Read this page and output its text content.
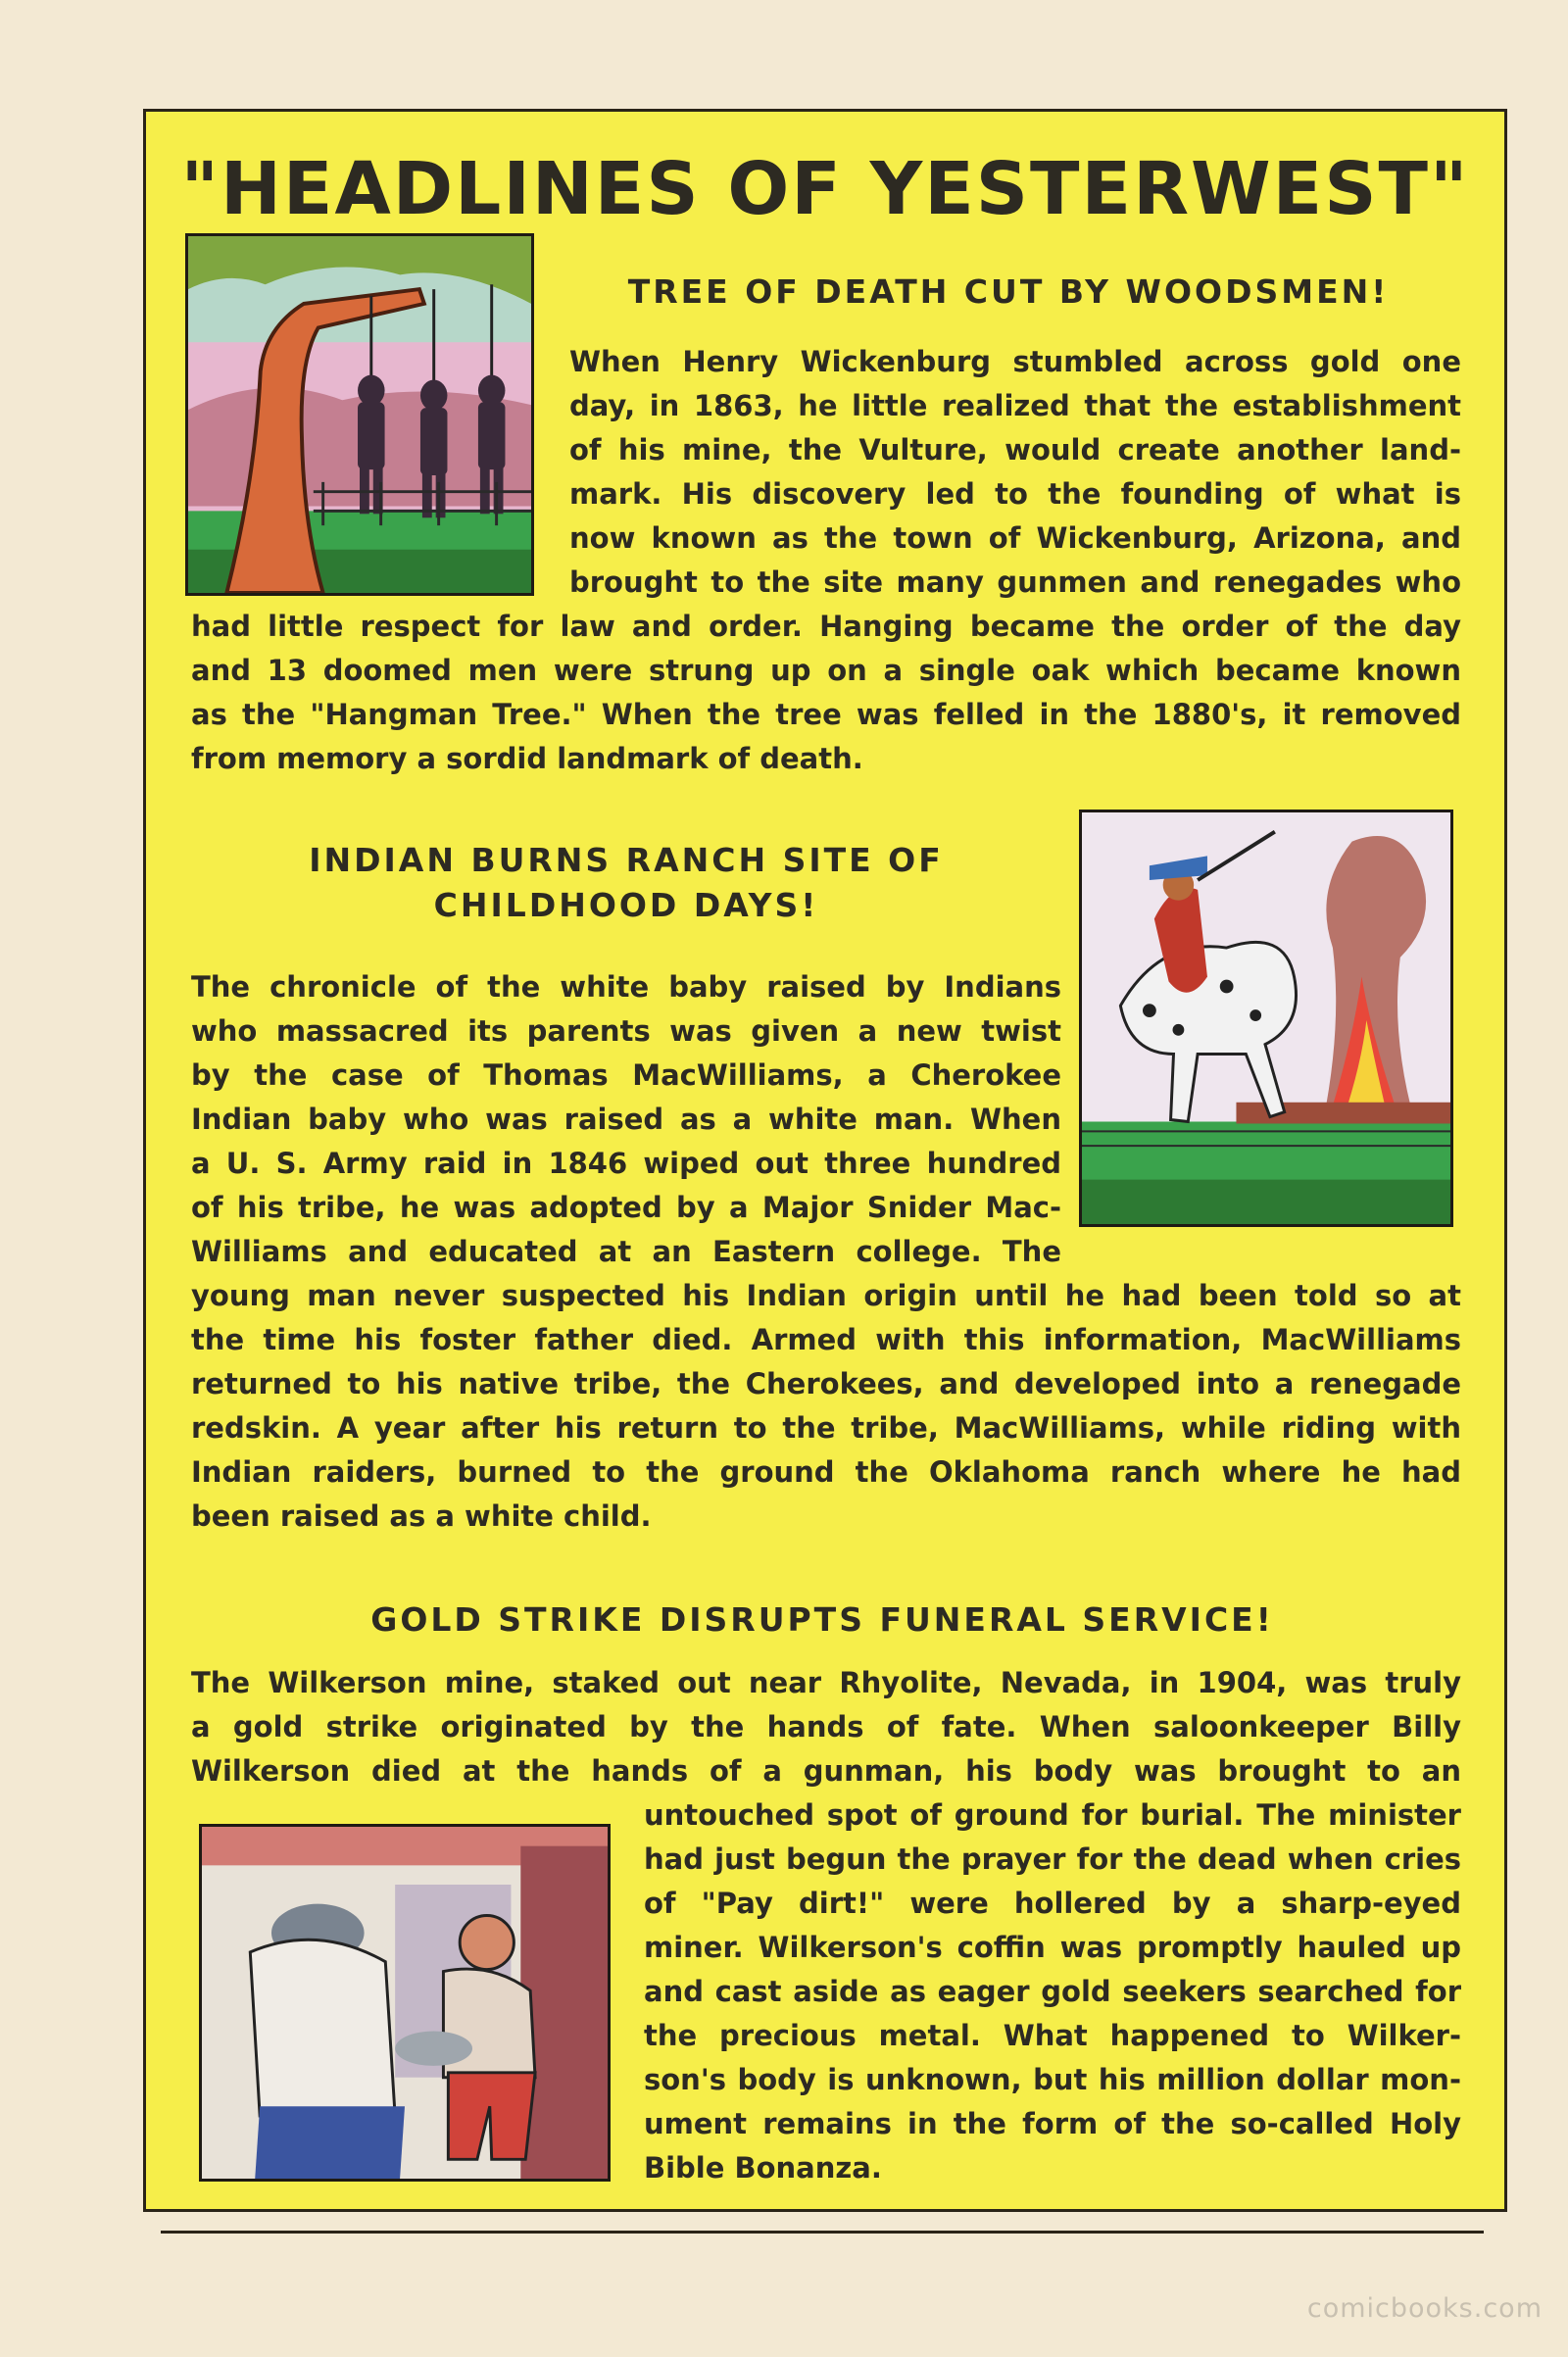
"HEADLINES OF YESTERWEST"
TREE OF DEATH CUT BY WOODSMEN!
When Henry Wickenburg stumbled across gold one
day, in 1863, he little realized that the establishment
of his mine, the Vulture, would create another land-
mark. His discovery led to the founding of what is
now known as the town of Wickenburg, Arizona, and
brought to the site many gunmen and renegades who
had little respect for law and order. Hanging became the order of the day
and 13 doomed men were strung up on a single oak which became known
as the "Hangman Tree." When the tree was felled in the 1880's, it removed
from memory a sordid landmark of death.
INDIAN BURNS RANCH SITE OF
CHILDHOOD DAYS!
The chronicle of the white baby raised by Indians
who massacred its parents was given a new twist
by the case of Thomas MacWilliams, a Cherokee
Indian baby who was raised as a white man. When
a U. S. Army raid in 1846 wiped out three hundred
of his tribe, he was adopted by a Major Snider Mac-
Williams and educated at an Eastern college. The
young man never suspected his Indian origin until he had been told so at
the time his foster father died. Armed with this information, MacWilliams
returned to his native tribe, the Cherokees, and developed into a renegade
redskin. A year after his return to the tribe, MacWilliams, while riding with
Indian raiders, burned to the ground the Oklahoma ranch where he had
been raised as a white child.
GOLD STRIKE DISRUPTS FUNERAL SERVICE!
The Wilkerson mine, staked out near Rhyolite, Nevada, in 1904, was truly
a gold strike originated by the hands of fate. When saloonkeeper Billy
Wilkerson died at the hands of a gunman, his body was brought to an
untouched spot of ground for burial. The minister
had just begun the prayer for the dead when cries
of "Pay dirt!" were hollered by a sharp-eyed
miner. Wilkerson's coffin was promptly hauled up
and cast aside as eager gold seekers searched for
the precious metal. What happened to Wilker-
son's body is unknown, but his million dollar mon-
ument remains in the form of the so-called Holy
Bible Bonanza.
comicbooks.com
